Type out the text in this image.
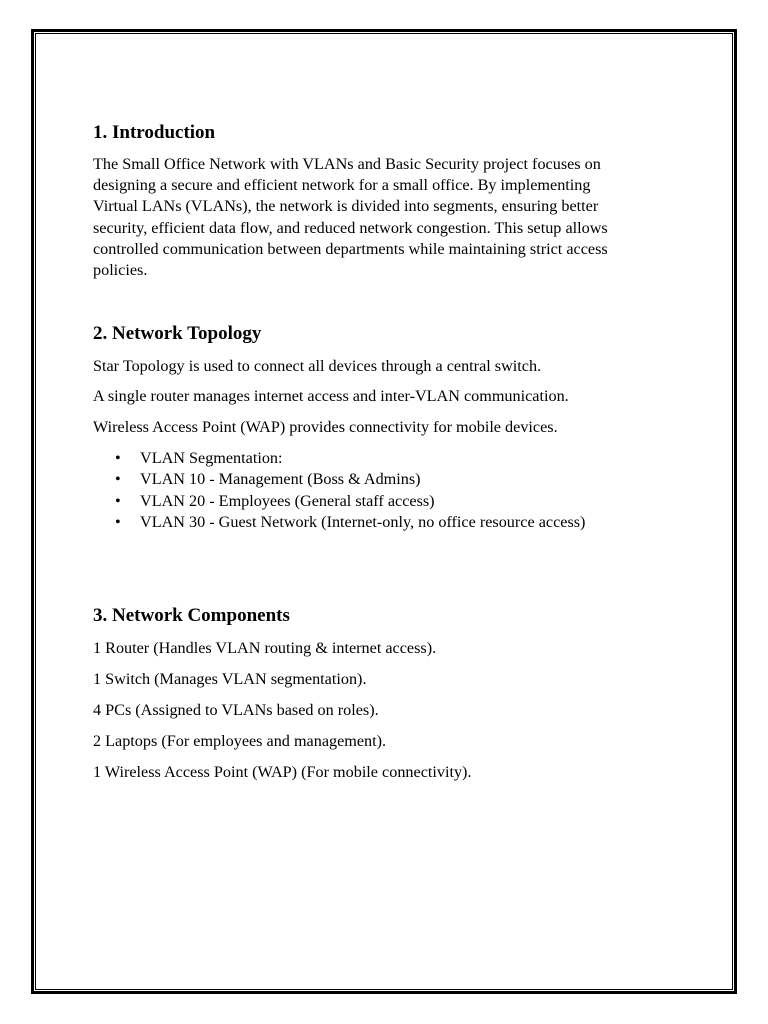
1. Introduction

The Small Office Network with VLANs and Basic Security project focuses on

designing a secure and efficient network for a small office. By implementing

Virtual LANs (VLANs), the network is divided into segments, ensuring better

security, efficient data flow, and reduced network congestion. This setup allows

controlled communication between departments while maintaining strict access

policies.

2. Network Topology

Star Topology is used to connect all devices through a central switch.

A single router manages internet access and inter-VLAN communication.

Wireless Access Point (WAP) provides connectivity for mobile devices.

• VLAN Segmentation:
• VLAN 10 - Management (Boss & Admins)
• VLAN 20 - Employees (General staff access)
• VLAN 30 - Guest Network (Internet-only, no office resource access)
3. Network Components

1 Router (Handles VLAN routing & internet access).

1 Switch (Manages VLAN segmentation).

4 PCs (Assigned to VLANs based on roles).

2 Laptops (For employees and management).

1 Wireless Access Point (WAP) (For mobile connectivity).
